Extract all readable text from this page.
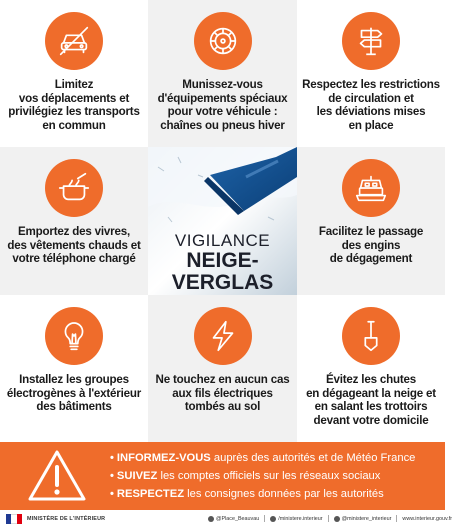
Limitez
vos déplacements et
privilégiez les transports
en commun
Munissez-vous
d'équipements spéciaux
pour votre véhicule :
chaînes ou pneus hiver
Respectez les restrictions
de circulation et
les déviations mises
en place
Emportez des vivres,
des vêtements chauds et
votre téléphone chargé
VIGILANCE
NEIGE-
VERGLAS
Facilitez le passage
des engins
de dégagement
Installez les groupes
électrogènes à l'extérieur
des bâtiments
Ne touchez en aucun cas
aux fils électriques
tombés au sol
Évitez les chutes
en dégageant la neige et
en salant les trottoirs
devant votre domicile
• INFORMEZ-VOUS auprès des autorités et de Météo France
• SUIVEZ les comptes officiels sur les réseaux sociaux
• RESPECTEZ les consignes données par les autorités
MINISTÈRE DE L'INTÉRIEUR	@Place_Beauvau	/ministere.interieur	@ministere_interieur www.interieur.gouv.fr
